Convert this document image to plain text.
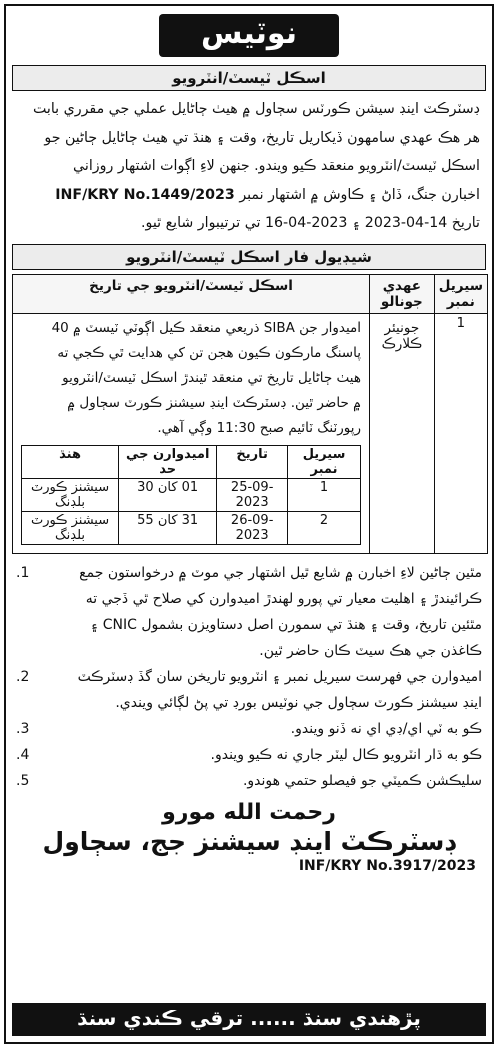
نوٽيس
اسڪل ٽيسٽ/انٽرويو
ڊسٽرڪٽ اينڊ سيشن ڪورٽس سڄاول ۾ هيٺ ڄاڻايل عملي جي مقرري بابت
هر هڪ عهدي سامهون ڏيکاريل تاريخ، وقت ۽ هنڌ تي هيٺ ڄاڻايل ڄاڻين جو
اسڪل ٽيسٽ/انٽرويو منعقد ڪيو ويندو. جنهن لاءِ اڳوات اشتهار روزاني
اخبارن جنگ، ڏاڻ ۽ ڪاوش ۾ اشتهار نمبر INF/KRY No.1449/2023
تاريخ 2023-04-14 ۽ 16-04-2023 تي ترتيبوار شايع ٿيو.
شيڊيول فار اسڪل ٽيسٽ/انٽرويو
سيريل نمبر	عهدي جونالو	اسڪل ٽيسٽ/انٽرويو جي تاريخ
1	جونيئر ڪلارڪ	
اميدوار جن SIBA ذريعي منعقد ڪيل اڳوٽي ٽيسٽ ۾ 40
پاسنگ مارڪون ڪيون هجن تن کي هدايت ٿي ڪجي ته
هيٺ ڄاڻايل تاريخ تي منعقد ٿيندڙ اسڪل ٽيسٽ/انٽرويو
۾ حاضر ٿين. ڊسٽرڪٽ اينڊ سيشنز ڪورٽ سڄاول ۾
رپورٽنگ ٽائيم صبح 11:30 وڳي آهي.
سيريل نمبر	تاريخ	اميدوارن جي حد	هنڌ
1	25-09-2023	01 کان 30	سيشنز ڪورٽ بلڊنگ
2	26-09-2023	31 کان 55	سيشنز ڪورٽ بلڊنگ
مٿين ڄاڻين لاءِ اخبارن ۾ شايع ٿيل اشتهار جي موٽ ۾ درخواستون جمع
ڪرائيندڙ ۽ اهليت معيار تي پورو لهندڙ اميدوارن کي صلاح ٿي ڏجي ته
مٿئين تاريخ، وقت ۽ هنڌ تي سمورن اصل دستاويزن بشمول CNIC ۽
ڪاغذن جي هڪ سيٽ ڪان حاضر ٿين.
1.
اميدوارن جي فهرست سيريل نمبر ۽ انٽرويو تاريخن سان گڏ ڊسٽرڪٽ
اينڊ سيشنز ڪورٽ سڄاول جي نوٽيس بورڊ تي پڻ لڳائي ويندي.
2.
ڪو به ٽي اي/ڊي اي نه ڏنو ويندو.
3.
ڪو به ڌار انٽرويو ڪال ليٽر جاري نه ڪيو ويندو.
4.
سليڪشن ڪميٽي جو فيصلو حتمي هوندو.
5.
رحمت الله مورو
ڊسٽرڪٽ اينڊ سيشنز جج، سڄاول
INF/KRY No.3917/2023
پڙهندي سنڌ ...... ترقي ڪندي سنڌ
